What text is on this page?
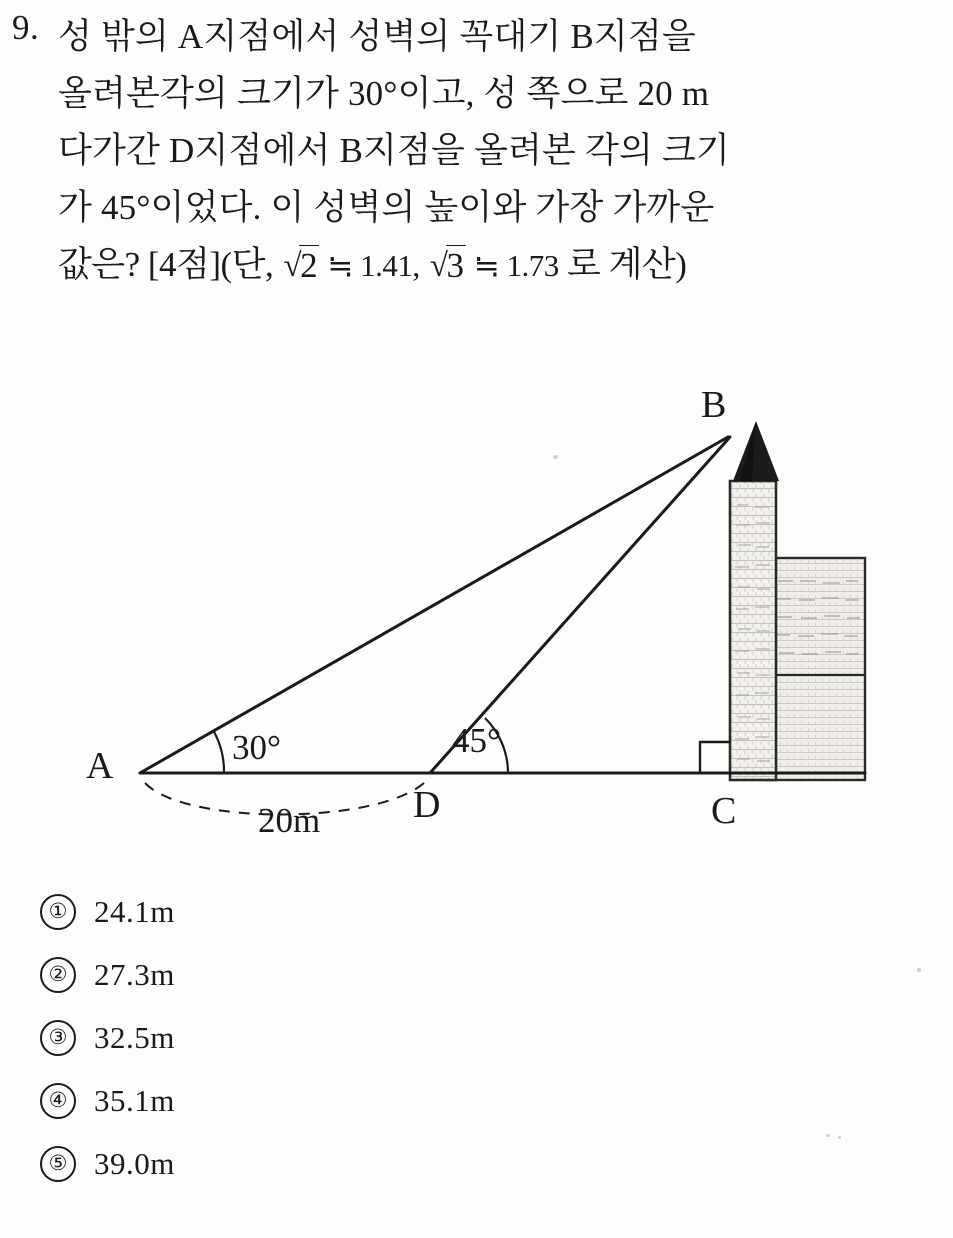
9. 성 밖의 A지점에서 성벽의 꼭대기 B지점을
올려본각의 크기가 30°이고, 성 쪽으로 20 m
다가간 D지점에서 B지점을 올려본 각의 크기
가 45°이었다. 이 성벽의 높이와 가장 가까운
값은? [4점](단, √2 ≒ 1.41, √3 ≒ 1.73 로 계산)
B
A
C
D
30°	45°
20m
① 24.1m
② 27.3m
③ 32.5m
④ 35.1m
⑤ 39.0m
